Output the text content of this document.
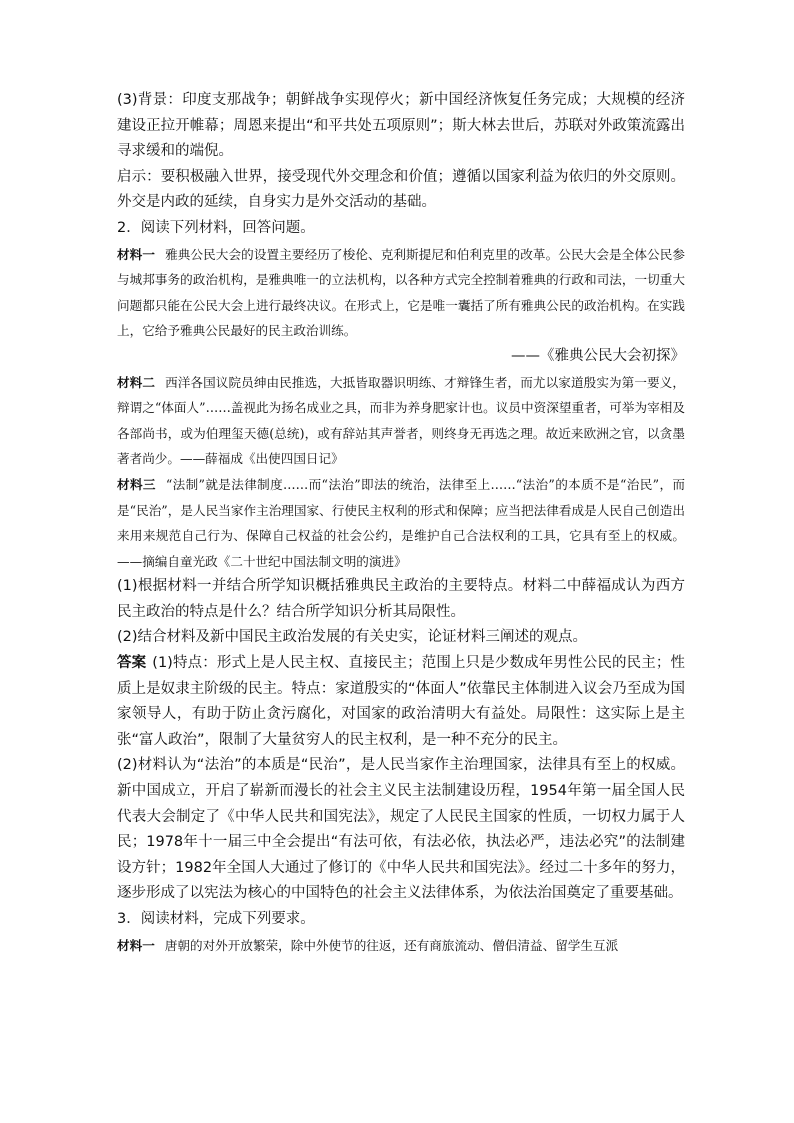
(3)背景：印度支那战争；朝鲜战争实现停火；新中国经济恢复任务完成；大规模的经济建设正拉开帷幕；周恩来提出“和平共处五项原则”；斯大林去世后，苏联对外政策流露出寻求缓和的端倪。

启示：要积极融入世界，接受现代外交理念和价值；遵循以国家利益为依归的外交原则。外交是内政的延续，自身实力是外交活动的基础。

2．阅读下列材料，回答问题。

材料一 雅典公民大会的设置主要经历了梭伦、克利斯提尼和伯利克里的改革。公民大会是全体公民参与城邦事务的政治机构，是雅典唯一的立法机构，以各种方式完全控制着雅典的行政和司法，一切重大问题都只能在公民大会上进行最终决议。在形式上，它是唯一囊括了所有雅典公民的政治机构。在实践上，它给予雅典公民最好的民主政治训练。

——《雅典公民大会初探》

材料二 西洋各国议院员绅由民推选，大抵皆取器识明练、才辩锋生者，而尤以家道殷实为第一要义，辩谓之“体面人”……盖视此为扬名成业之具，而非为养身肥家计也。议员中资深望重者，可举为宰相及各部尚书，或为伯理玺天德(总统)，或有辞站其声誉者，则终身无再选之理。故近来欧洲之官，以贪墨著者尚少。——薛福成《出使四国日记》

材料三 “法制”就是法律制度……而“法治”即法的统治，法律至上……“法治”的本质不是“治民”，而是“民治”，是人民当家作主治理国家、行使民主权利的形式和保障；应当把法律看成是人民自己创造出来用来规范自己行为、保障自己权益的社会公约，是维护自己合法权利的工具，它具有至上的权威。——摘编自童光政《二十世纪中国法制文明的演进》

(1)根据材料一并结合所学知识概括雅典民主政治的主要特点。材料二中薛福成认为西方民主政治的特点是什么？结合所学知识分析其局限性。

(2)结合材料及新中国民主政治发展的有关史实，论证材料三阐述的观点。

答案 (1)特点：形式上是人民主权、直接民主；范围上只是少数成年男性公民的民主；性质上是奴隶主阶级的民主。特点：家道殷实的“体面人”依靠民主体制进入议会乃至成为国家领导人，有助于防止贪污腐化，对国家的政治清明大有益处。局限性：这实际上是主张“富人政治”，限制了大量贫穷人的民主权利，是一种不充分的民主。

(2)材料认为“法治”的本质是“民治”，是人民当家作主治理国家，法律具有至上的权威。新中国成立，开启了崭新而漫长的社会主义民主法制建设历程，1954年第一届全国人民代表大会制定了《中华人民共和国宪法》，规定了人民民主国家的性质，一切权力属于人民；1978年十一届三中全会提出“有法可依，有法必依，执法必严，违法必究”的法制建设方针；1982年全国人大通过了修订的《中华人民共和国宪法》。经过二十多年的努力，逐步形成了以宪法为核心的中国特色的社会主义法律体系，为依法治国奠定了重要基础。

3．阅读材料，完成下列要求。

材料一 唐朝的对外开放繁荣，除中外使节的往返，还有商旅流动、僧侣清益、留学生互派
